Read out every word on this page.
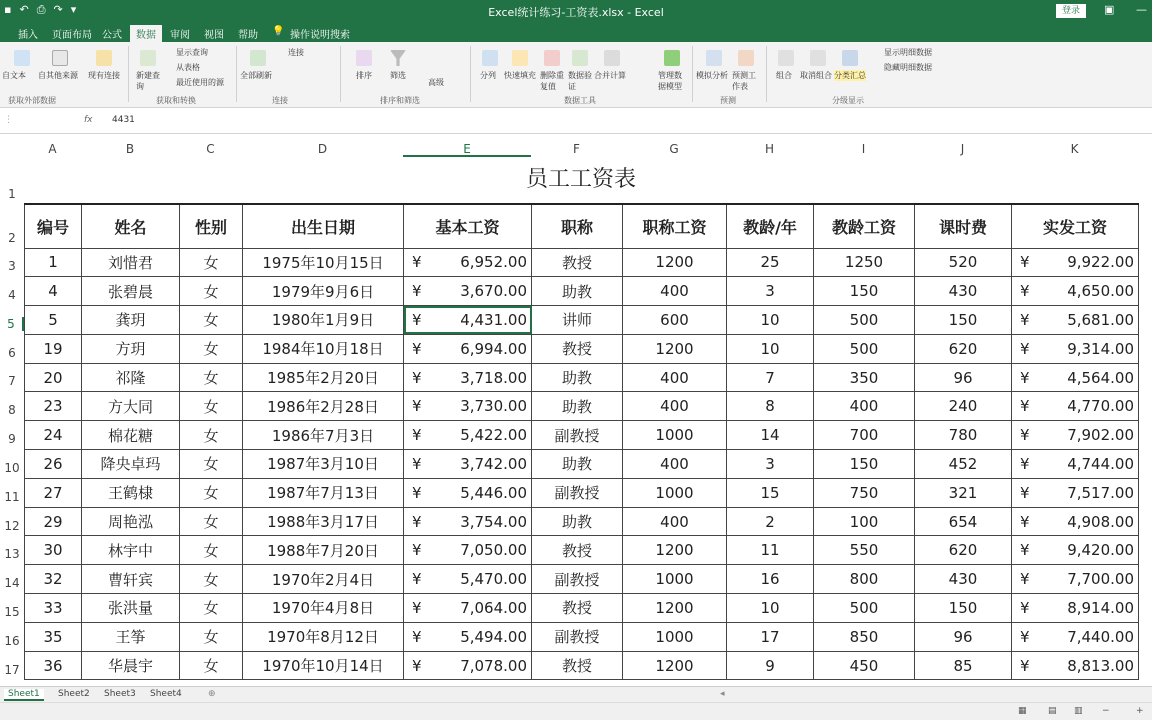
▪ ↶ ⎙ ↷ ▾	Excel统计练习-工资表.xlsx - Excel	登录	▣ —
插入 页面布局 公式	数据	审阅 视图 帮助 💡 操作说明搜索
自文本 自其他来源 现有连接
获取外部数据
新建查询
显示查询
从表格
最近使用的源
获取和转换
全部刷新
连接
连接
排序 筛选
高级
排序和筛选
分列 快速填充 删除重复值
数据验证
合并计算	管理数据模型
数据工具
模拟分析 预测工作表
预测
组合 取消组合 分类汇总
显示明细数据
隐藏明细数据
分级显示
⋮	fx 4431
A	B	C	D	E	F	G	H	I	J	K
1
2
3
4
5
6
7
8
9
10
11
12
13
14
15
16
17
员工工资表
编号	姓名	性别	出生日期	基本工资	职称	职称工资	教龄/年	教龄工资	课时费	实发工资
1	刘惜君	女	1975年10月15日	¥ 6,952.00	教授	1200	25	1250	520	¥ 9,922.00
4	张碧晨	女	1979年9月6日	¥ 3,670.00	助教	400	3	150	430	¥ 4,650.00
5	龚玥	女	1980年1月9日	¥ 4,431.00	讲师	600	10	500	150	¥ 5,681.00
19	方玥	女	1984年10月18日	¥ 6,994.00	教授	1200	10	500	620	¥ 9,314.00
20	祁隆	女	1985年2月20日	¥ 3,718.00	助教	400	7	350	96	¥ 4,564.00
23	方大同	女	1986年2月28日	¥ 3,730.00	助教	400	8	400	240	¥ 4,770.00
24	棉花糖	女	1986年7月3日	¥ 5,422.00	副教授	1000	14	700	780	¥ 7,902.00
26	降央卓玛	女	1987年3月10日	¥ 3,742.00	助教	400	3	150	452	¥ 4,744.00
27	王鹤棣	女	1987年7月13日	¥ 5,446.00	副教授	1000	15	750	321	¥ 7,517.00
29	周艳泓	女	1988年3月17日	¥ 3,754.00	助教	400	2	100	654	¥ 4,908.00
30	林宇中	女	1988年7月20日	¥ 7,050.00	教授	1200	11	550	620	¥ 9,420.00
32	曹轩宾	女	1970年2月4日	¥ 5,470.00	副教授	1000	16	800	430	¥ 7,700.00
33	张洪量	女	1970年4月8日	¥ 7,064.00	教授	1200	10	500	150	¥ 8,914.00
35	王筝	女	1970年8月12日	¥ 5,494.00	副教授	1000	17	850	96	¥ 7,440.00
36	华晨宇	女	1970年10月14日	¥ 7,078.00	教授	1200	9	450	85	¥ 8,813.00
Sheet1	Sheet2 Sheet3 Sheet4	⊕	◂
▦ ▤ ▥ −	+
